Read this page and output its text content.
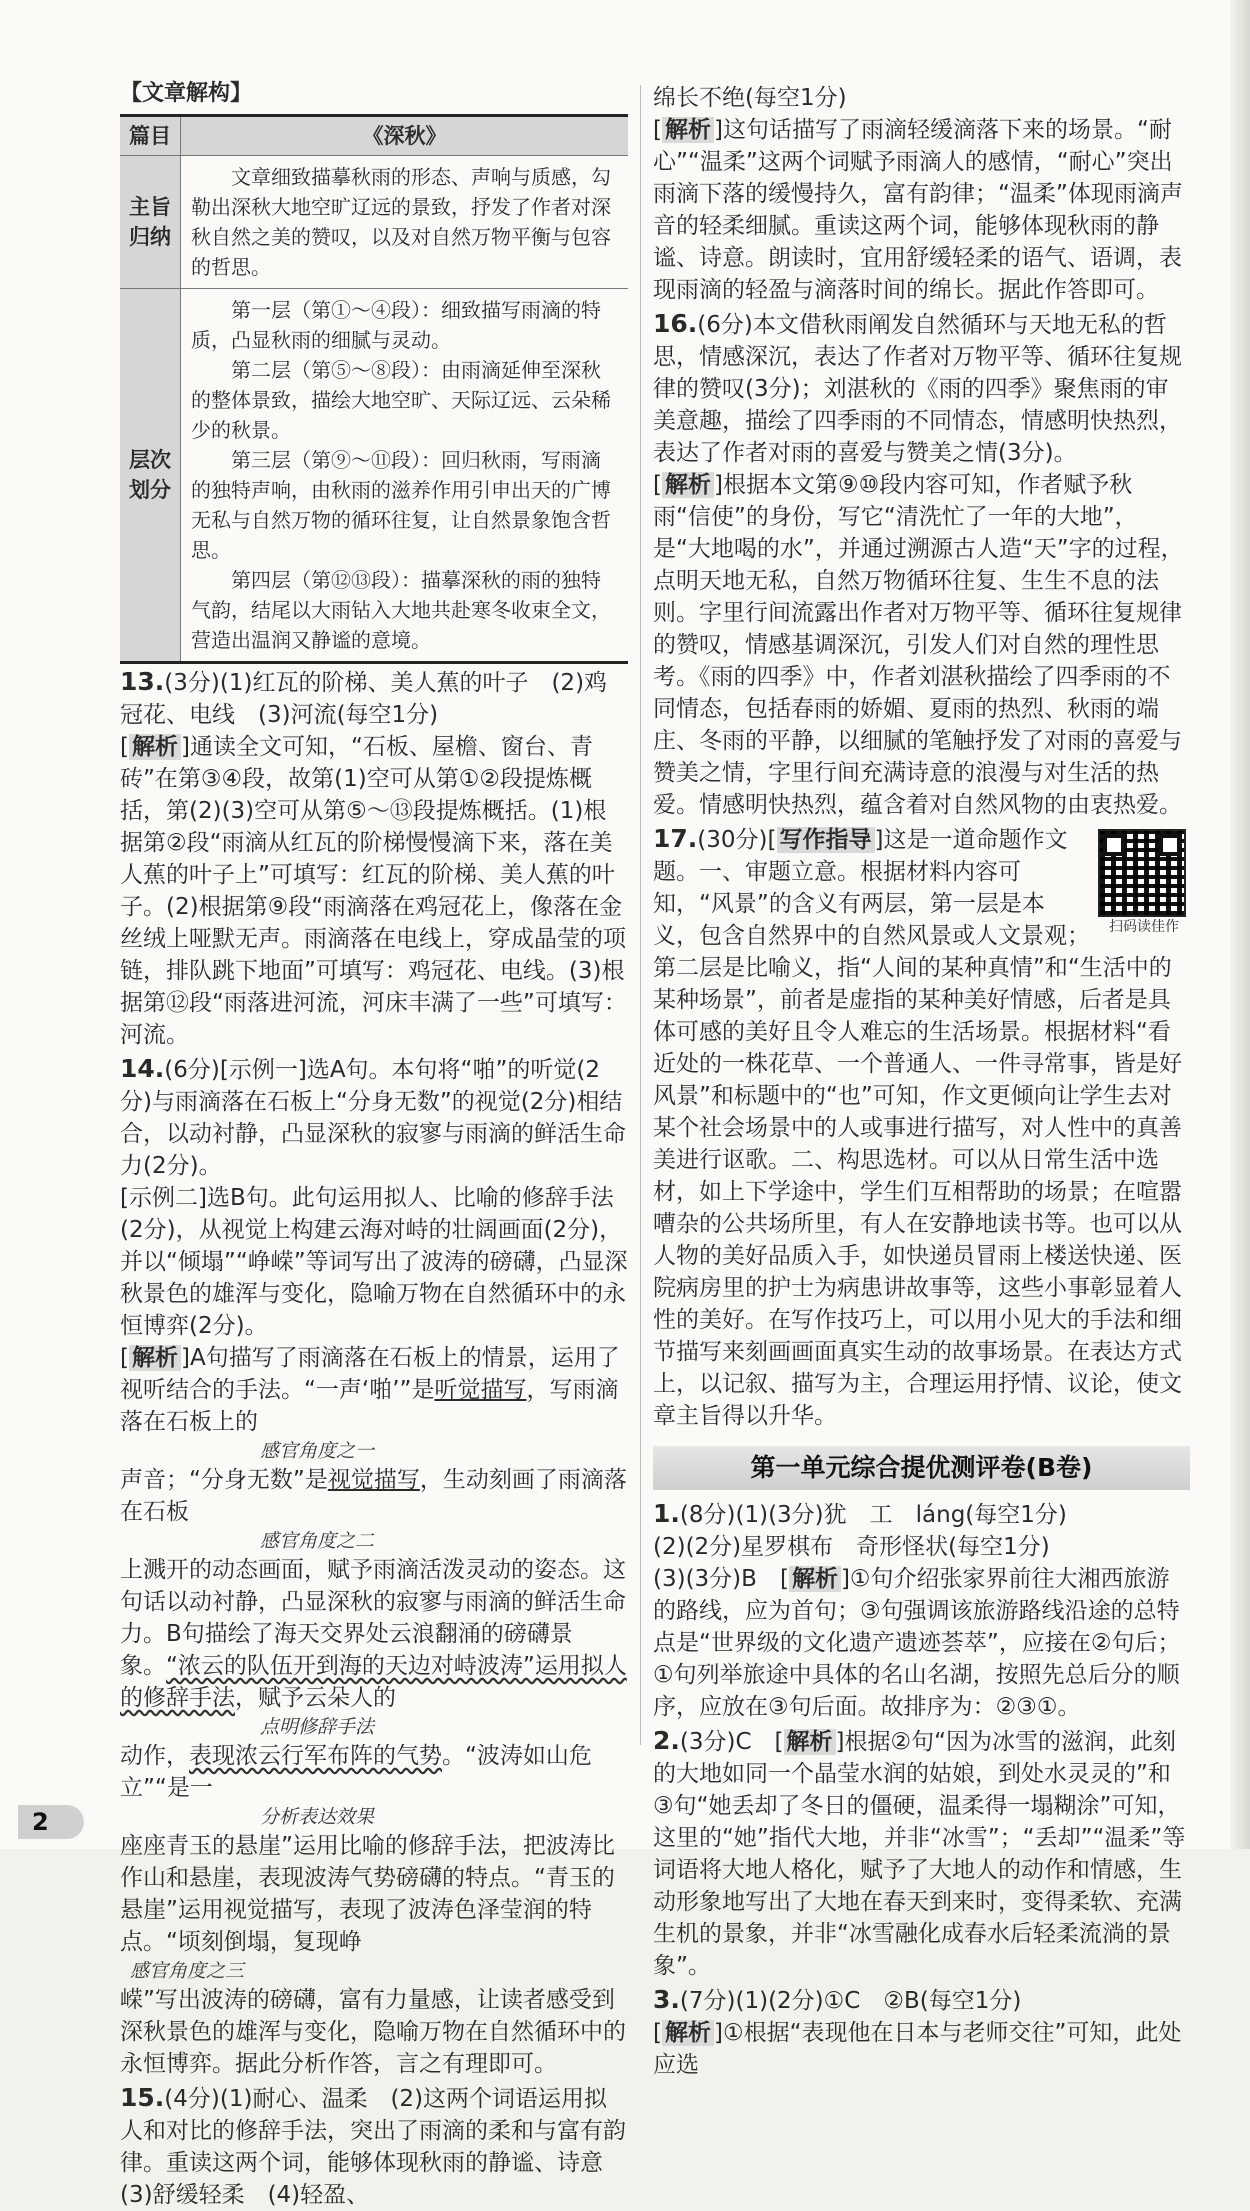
【文章解构】
篇目	《深秋》
主旨归纳	文章细致描摹秋雨的形态、声响与质感，勾勒出深秋大地空旷辽远的景致，抒发了作者对深秋自然之美的赞叹，以及对自然万物平衡与包容的哲思。
层次划分	第一层（第①～④段）：细致描写雨滴的特质，凸显秋雨的细腻与灵动。

第二层（第⑤～⑧段）：由雨滴延伸至深秋的整体景致，描绘大地空旷、天际辽远、云朵稀少的秋景。

第三层（第⑨～⑪段）：回归秋雨，写雨滴的独特声响，由秋雨的滋养作用引申出天的广博无私与自然万物的循环往复，让自然景象饱含哲思。

第四层（第⑫⑬段）：描摹深秋的雨的独特气韵，结尾以大雨钻入大地共赴寒冬收束全文，营造出温润又静谧的意境。

13.(3分)(1)红瓦的阶梯、美人蕉的叶子　(2)鸡冠花、电线　(3)河流(每空1分)

[ 解析 ]通读全文可知，“石板、屋檐、窗台、青砖”在第③④段，故第(1)空可从第①②段提炼概括，第(2)(3)空可从第⑤～⑬段提炼概括。(1)根据第②段“雨滴从红瓦的阶梯慢慢滴下来，落在美人蕉的叶子上”可填写：红瓦的阶梯、美人蕉的叶子。(2)根据第⑨段“雨滴落在鸡冠花上，像落在金丝绒上哑默无声。雨滴落在电线上，穿成晶莹的项链，排队跳下地面”可填写：鸡冠花、电线。(3)根据第⑫段“雨落进河流，河床丰满了一些”可填写：河流。

14.(6分)[示例一]选A句。本句将“啪”的听觉(2分)与雨滴落在石板上“分身无数”的视觉(2分)相结合，以动衬静，凸显深秋的寂寥与雨滴的鲜活生命力(2分)。

[示例二]选B句。此句运用拟人、比喻的修辞手法(2分)，从视觉上构建云海对峙的壮阔画面(2分)，并以“倾塌”“峥嵘”等词写出了波涛的磅礴，凸显深秋景色的雄浑与变化，隐喻万物在自然循环中的永恒博弈(2分)。

[ 解析 ]A句描写了雨滴落在石板上的情景，运用了视听结合的手法。“一声‘啪’”是听觉描写，写雨滴落在石板上的

感官角度之一

声音；“分身无数”是视觉描写，生动刻画了雨滴落在石板

感官角度之二

上溅开的动态画面，赋予雨滴活泼灵动的姿态。这句话以动衬静，凸显深秋的寂寥与雨滴的鲜活生命力。B句描绘了海天交界处云浪翻涌的磅礴景象。“浓云的队伍开到海的天边对峙波涛”运用拟人的修辞手法，赋予云朵人的

点明修辞手法

动作，表现浓云行军布阵的气势。“波涛如山危立”“是一

分析表达效果

座座青玉的悬崖”运用比喻的修辞手法，把波涛比作山和悬崖，表现波涛气势磅礴的特点。“青玉的悬崖”运用视觉描写，表现了波涛色泽莹润的特点。“顷刻倒塌，复现峥

感官角度之三

嵘”写出波涛的磅礴，富有力量感，让读者感受到深秋景色的雄浑与变化，隐喻万物在自然循环中的永恒博弈。据此分析作答，言之有理即可。

15.(4分)(1)耐心、温柔　(2)这两个词语运用拟人和对比的修辞手法，突出了雨滴的柔和与富有韵律。重读这两个词，能够体现秋雨的静谧、诗意　(3)舒缓轻柔　(4)轻盈、

绵长不绝(每空1分)

[ 解析 ]这句话描写了雨滴轻缓滴落下来的场景。“耐心”“温柔”这两个词赋予雨滴人的感情，“耐心”突出雨滴下落的缓慢持久，富有韵律；“温柔”体现雨滴声音的轻柔细腻。重读这两个词，能够体现秋雨的静谧、诗意。朗读时，宜用舒缓轻柔的语气、语调，表现雨滴的轻盈与滴落时间的绵长。据此作答即可。

16.(6分)本文借秋雨阐发自然循环与天地无私的哲思，情感深沉，表达了作者对万物平等、循环往复规律的赞叹(3分)；刘湛秋的《雨的四季》聚焦雨的审美意趣，描绘了四季雨的不同情态，情感明快热烈，表达了作者对雨的喜爱与赞美之情(3分)。

[ 解析 ]根据本文第⑨⑩段内容可知，作者赋予秋雨“信使”的身份，写它“清洗忙了一年的大地”，是“大地喝的水”，并通过溯源古人造“天”字的过程，点明天地无私，自然万物循环往复、生生不息的法则。字里行间流露出作者对万物平等、循环往复规律的赞叹，情感基调深沉，引发人们对自然的理性思考。《雨的四季》中，作者刘湛秋描绘了四季雨的不同情态，包括春雨的娇媚、夏雨的热烈、秋雨的端庄、冬雨的平静，以细腻的笔触抒发了对雨的喜爱与赞美之情，字里行间充满诗意的浪漫与对生活的热爱。情感明快热烈，蕴含着对自然风物的由衷热爱。

扫码读佳作

17.(30分)[ 写作指导 ]这是一道命题作文题。一、审题立意。根据材料内容可知，“风景”的含义有两层，第一层是本义，包含自然界中的自然风景或人文景观；第二层是比喻义，指“人间的某种真情”和“生活中的某种场景”，前者是虚指的某种美好情感，后者是具体可感的美好且令人难忘的生活场景。根据材料“看近处的一株花草、一个普通人、一件寻常事，皆是好风景”和标题中的“也”可知，作文更倾向让学生去对某个社会场景中的人或事进行描写，对人性中的真善美进行讴歌。二、构思选材。可以从日常生活中选材，如上下学途中，学生们互相帮助的场景；在喧嚣嘈杂的公共场所里，有人在安静地读书等。也可以从人物的美好品质入手，如快递员冒雨上楼送快递、医院病房里的护士为病患讲故事等，这些小事彰显着人性的美好。在写作技巧上，可以用小见大的手法和细节描写来刻画画面真实生动的故事场景。在表达方式上，以记叙、描写为主，合理运用抒情、议论，使文章主旨得以升华。

第一单元综合提优测评卷(B卷)

1.(8分)(1)(3分)犹　工　láng(每空1分)

(2)(2分)星罗棋布　奇形怪状(每空1分)

(3)(3分)B　[ 解析 ]①句介绍张家界前往大湘西旅游的路线，应为首句；③句强调该旅游路线沿途的总特点是“世界级的文化遗产遗迹荟萃”，应接在②句后；①句列举旅途中具体的名山名湖，按照先总后分的顺序，应放在③句后面。故排序为：②③①。

2.(3分)C　[ 解析 ]根据②句“因为冰雪的滋润，此刻的大地如同一个晶莹水润的姑娘，到处水灵灵的”和③句“她丢却了冬日的僵硬，温柔得一塌糊涂”可知，这里的“她”指代大地，并非“冰雪”；“丢却”“温柔”等词语将大地人格化，赋予了大地人的动作和情感，生动形象地写出了大地在春天到来时，变得柔软、充满生机的景象，并非“冰雪融化成春水后轻柔流淌的景象”。

3.(7分)(1)(2分)①C　②B(每空1分)

[ 解析 ]①根据“表现他在日本与老师交往”可知，此处应选

2
